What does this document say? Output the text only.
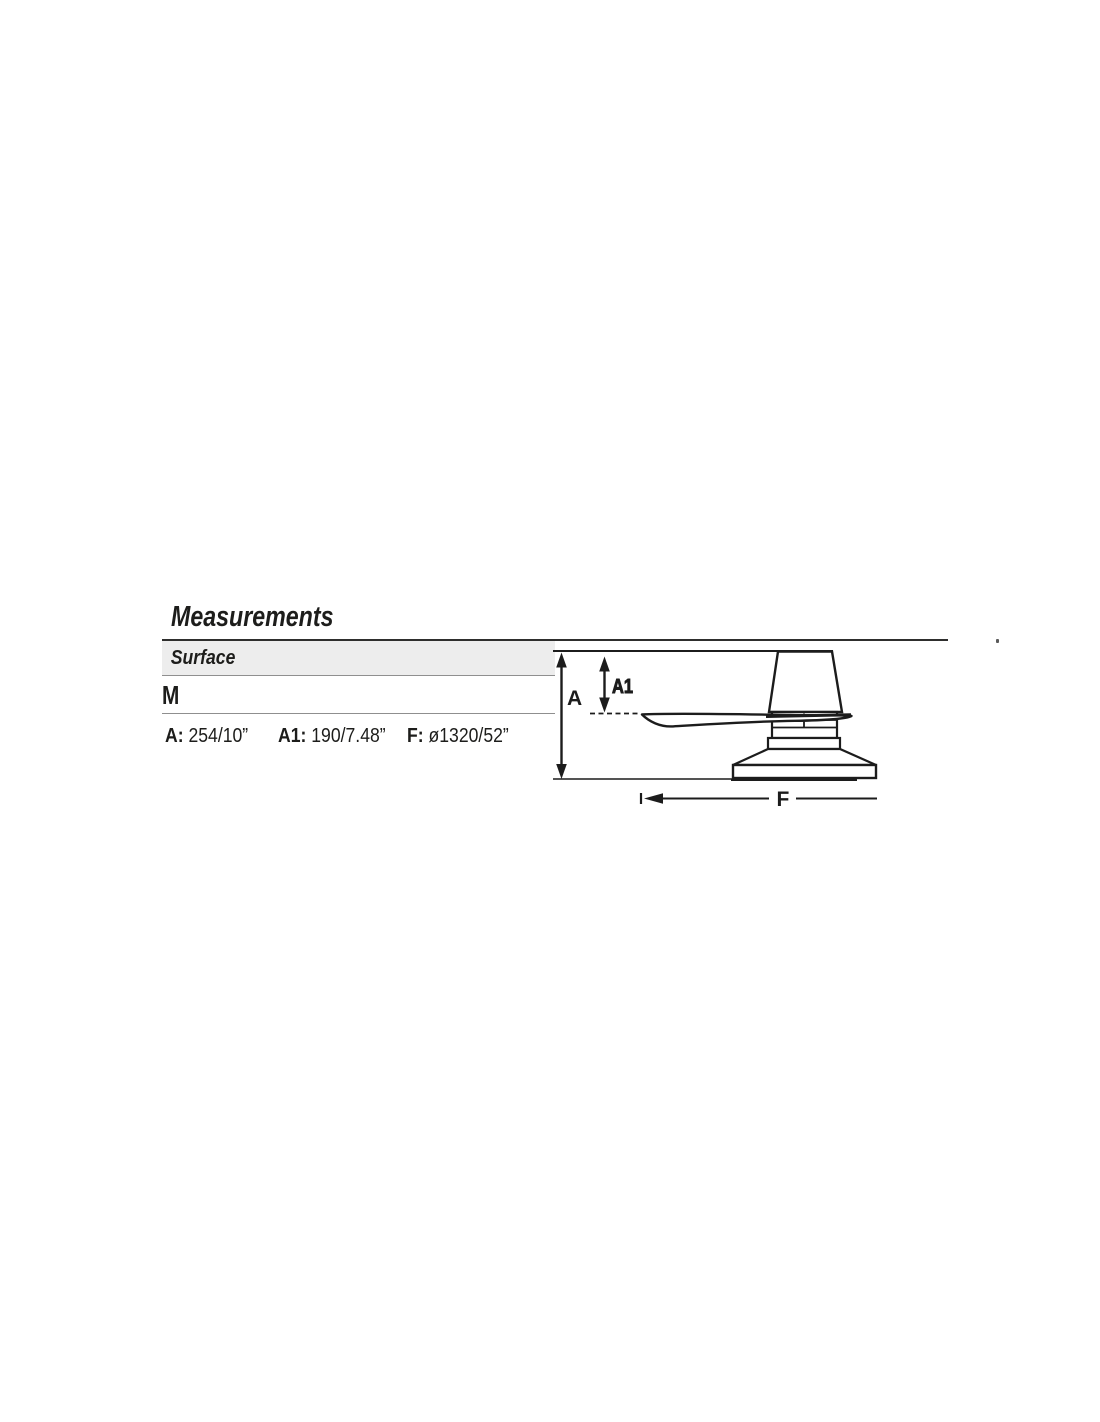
Measurements
Surface
M
A: 254/10” A1: 190/7.48” F: ø1320/52”
A A1
F
